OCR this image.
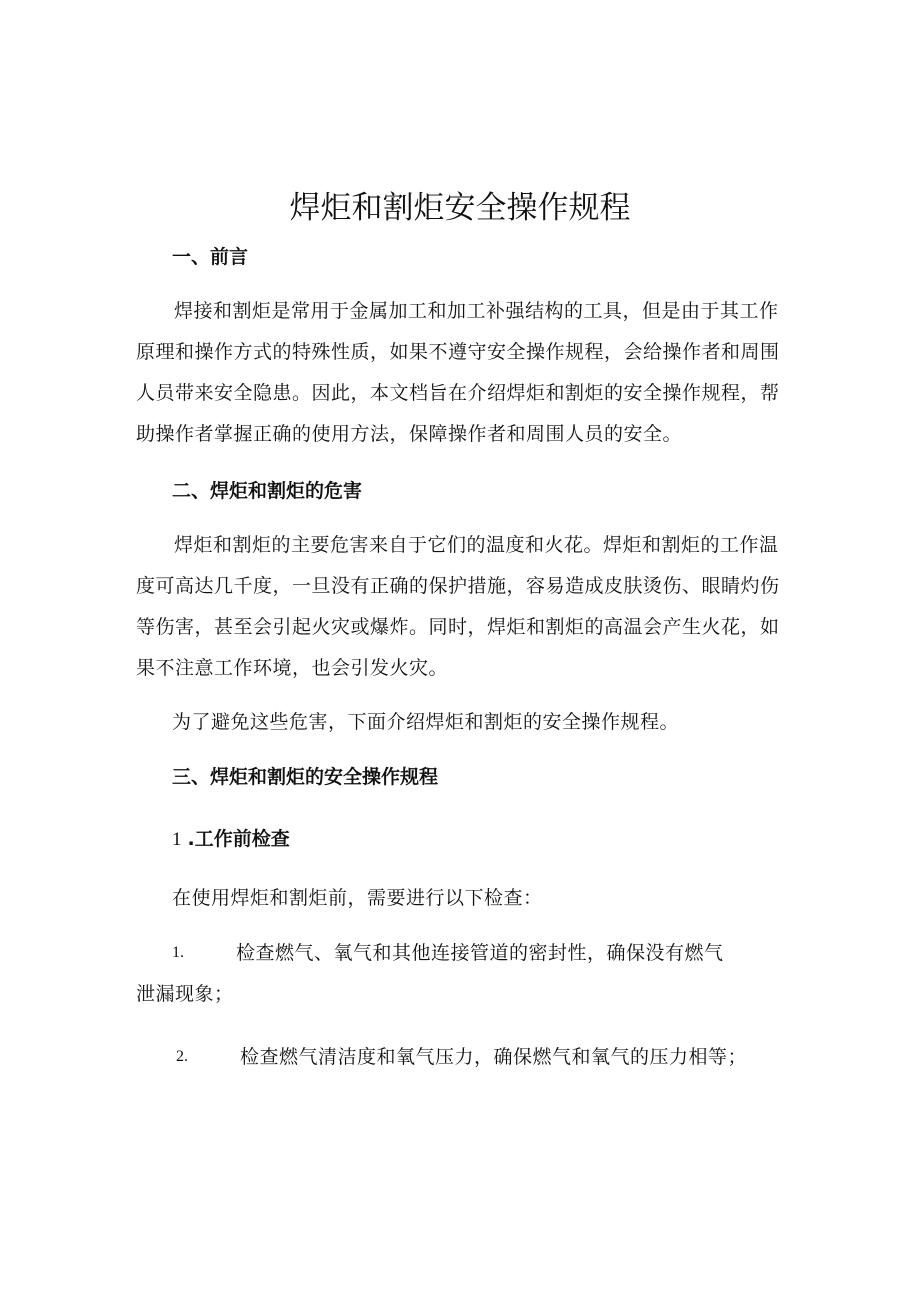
焊炬和割炬安全操作规程
一、前言

焊接和割炬是常用于金属加工和加工补强结构的工具，但是由于其工作原理和操作方式的特殊性质，如果不遵守安全操作规程，会给操作者和周围人员带来安全隐患。因此，本文档旨在介绍焊炬和割炬的安全操作规程，帮助操作者掌握正确的使用方法，保障操作者和周围人员的安全。

二、焊炬和割炬的危害

焊炬和割炬的主要危害来自于它们的温度和火花。焊炬和割炬的工作温度可高达几千度，一旦没有正确的保护措施，容易造成皮肤烫伤、眼睛灼伤等伤害，甚至会引起火灾或爆炸。同时，焊炬和割炬的高温会产生火花，如果不注意工作环境，也会引发火灾。

为了避免这些危害，下面介绍焊炬和割炬的安全操作规程。

三、焊炬和割炬的安全操作规程
1 .工作前检查

在使用焊炬和割炬前，需要进行以下检查：

1.	检查燃气、氧气和其他连接管道的密封性，确保没有燃气

泄漏现象；

2.	检查燃气清洁度和氧气压力，确保燃气和氧气的压力相等；
